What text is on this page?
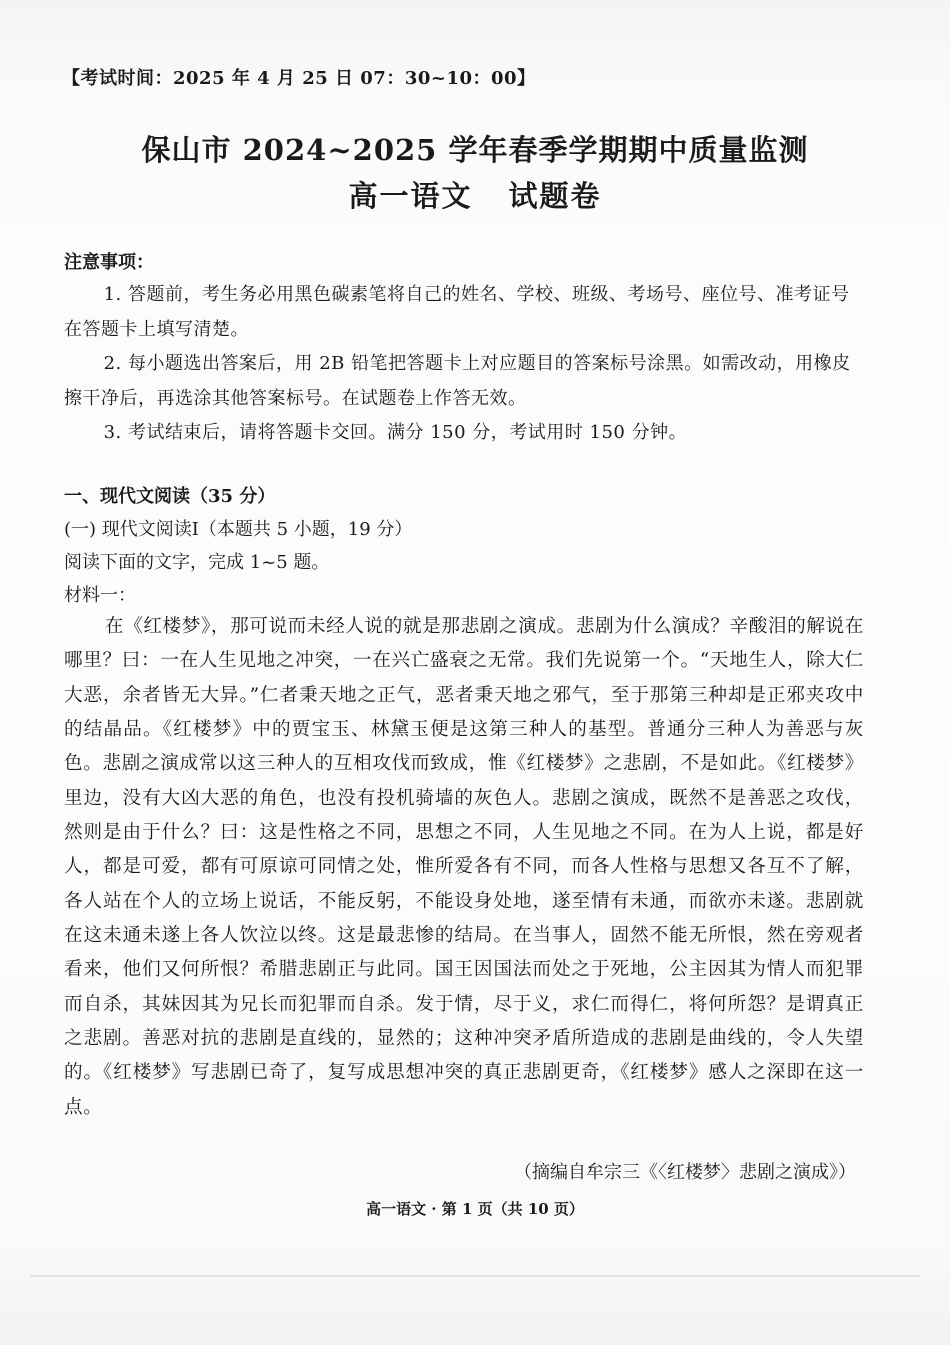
【考试时间：2025 年 4 月 25 日 07：30~10：00】
保山市 2024~2025 学年春季学期期中质量监测
高一语文 试题卷
注意事项：

1. 答题前，考生务必用黑色碳素笔将自己的姓名、学校、班级、考场号、座位号、准考证号在答题卡上填写清楚。

2. 每小题选出答案后，用 2B 铅笔把答题卡上对应题目的答案标号涂黑。如需改动，用橡皮擦干净后，再选涂其他答案标号。在试题卷上作答无效。

3. 考试结束后，请将答题卡交回。满分 150 分，考试用时 150 分钟。

一、现代文阅读（35 分）
(一) 现代文阅读Ⅰ（本题共 5 小题，19 分）
阅读下面的文字，完成 1~5 题。
材料一：

在《红楼梦》，那可说而未经人说的就是那悲剧之演成。悲剧为什么演成？辛酸泪的解说在哪里？曰：一在人生见地之冲突，一在兴亡盛衰之无常。我们先说第一个。“天地生人，除大仁大恶，余者皆无大异。”仁者秉天地之正气，恶者秉天地之邪气，至于那第三种却是正邪夹攻中的结晶品。《红楼梦》中的贾宝玉、林黛玉便是这第三种人的基型。普通分三种人为善恶与灰色。悲剧之演成常以这三种人的互相攻伐而致成，惟《红楼梦》之悲剧，不是如此。《红楼梦》里边，没有大凶大恶的角色，也没有投机骑墙的灰色人。悲剧之演成，既然不是善恶之攻伐，然则是由于什么？曰：这是性格之不同，思想之不同，人生见地之不同。在为人上说，都是好人，都是可爱，都有可原谅可同情之处，惟所爱各有不同，而各人性格与思想又各互不了解，各人站在个人的立场上说话，不能反躬，不能设身处地，遂至情有未通，而欲亦未遂。悲剧就在这未通未遂上各人饮泣以终。这是最悲惨的结局。在当事人，固然不能无所恨，然在旁观者看来，他们又何所恨？希腊悲剧正与此同。国王因国法而处之于死地，公主因其为情人而犯罪而自杀，其妹因其为兄长而犯罪而自杀。发于情，尽于义，求仁而得仁，将何所怨？是谓真正之悲剧。善恶对抗的悲剧是直线的，显然的；这种冲突矛盾所造成的悲剧是曲线的，令人失望的。《红楼梦》写悲剧已奇了，复写成思想冲突的真正悲剧更奇，《红楼梦》感人之深即在这一点。

（摘编自牟宗三《〈红楼梦〉悲剧之演成》）
高一语文 · 第 1 页（共 10 页）
